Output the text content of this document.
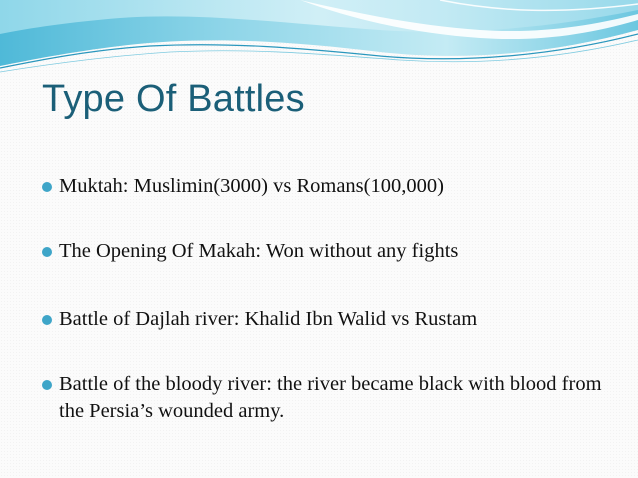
Type Of Battles
Muktah: Muslimin(3000) vs Romans(100,000)
The Opening Of Makah: Won without any fights
Battle of Dajlah river: Khalid Ibn Walid vs Rustam
Battle of the bloody river: the river became black with blood from the Persia’s wounded army.
